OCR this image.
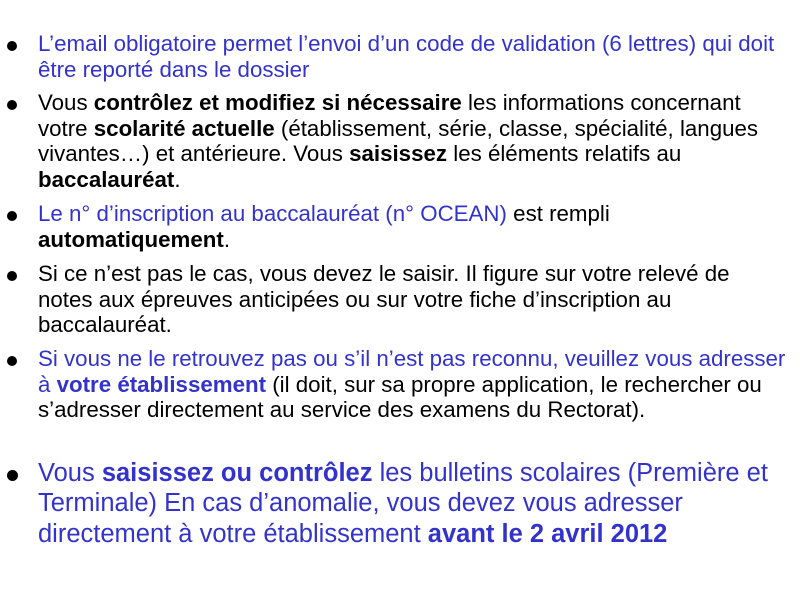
L’email obligatoire permet l’envoi d’un code de validation (6 lettres) qui doit être reporté dans le dossier

Vous contrôlez et modifiez si nécessaire les informations concernant votre scolarité actuelle (établissement, série, classe, spécialité, langues vivantes…) et antérieure. Vous saisissez les éléments relatifs au baccalauréat.

Le n° d’inscription au baccalauréat (n° OCEAN) est rempli automatiquement.

Si ce n’est pas le cas, vous devez le saisir. Il figure sur votre relevé de notes aux épreuves anticipées ou sur votre fiche d’inscription au baccalauréat.

Si vous ne le retrouvez pas ou s’il n’est pas reconnu, veuillez vous adresser à votre établissement (il doit, sur sa propre application, le rechercher ou s’adresser directement au service des examens du Rectorat).

Vous saisissez ou contrôlez les bulletins scolaires (Première et Terminale) En cas d’anomalie, vous devez vous adresser directement à votre établissement avant le 2 avril 2012
